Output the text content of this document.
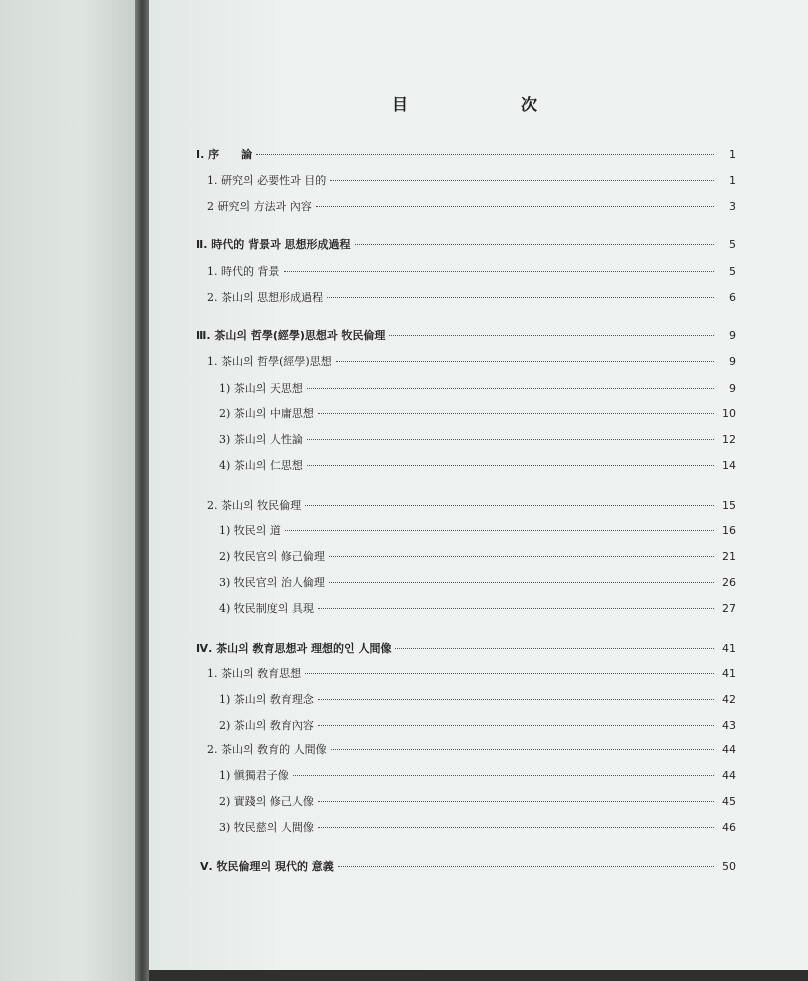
目	次
Ⅰ. 序　　論	1
1. 硏究의 必要性과 目的	1
2 硏究의 方法과 內容	3
Ⅱ. 時代的 背景과 思想形成過程	5
1. 時代的 背景	5
2. 茶山의 思想形成過程	6
Ⅲ. 茶山의 哲學(經學)思想과 牧民倫理	9
1. 茶山의 哲學(經學)思想	9
1) 茶山의 天思想	9
2) 茶山의 中庸思想	10
3) 茶山의 人性論	12
4) 茶山의 仁思想	14
2. 茶山의 牧民倫理	15
1) 牧民의 道	16
2) 牧民官의 修己倫理	21
3) 牧民官의 治人倫理	26
4) 牧民制度의 具現	27
Ⅳ. 茶山의 敎育思想과 理想的인 人間像	41
1. 茶山의 敎育思想	41
1) 茶山의 敎育理念	42
2) 茶山의 敎育內容	43
2. 茶山의 敎育的 人間像	44
1) 愼獨君子像	44
2) 實踐의 修己人像	45
3) 牧民慈의 人間像	46
Ⅴ. 牧民倫理의 現代的 意義	50
